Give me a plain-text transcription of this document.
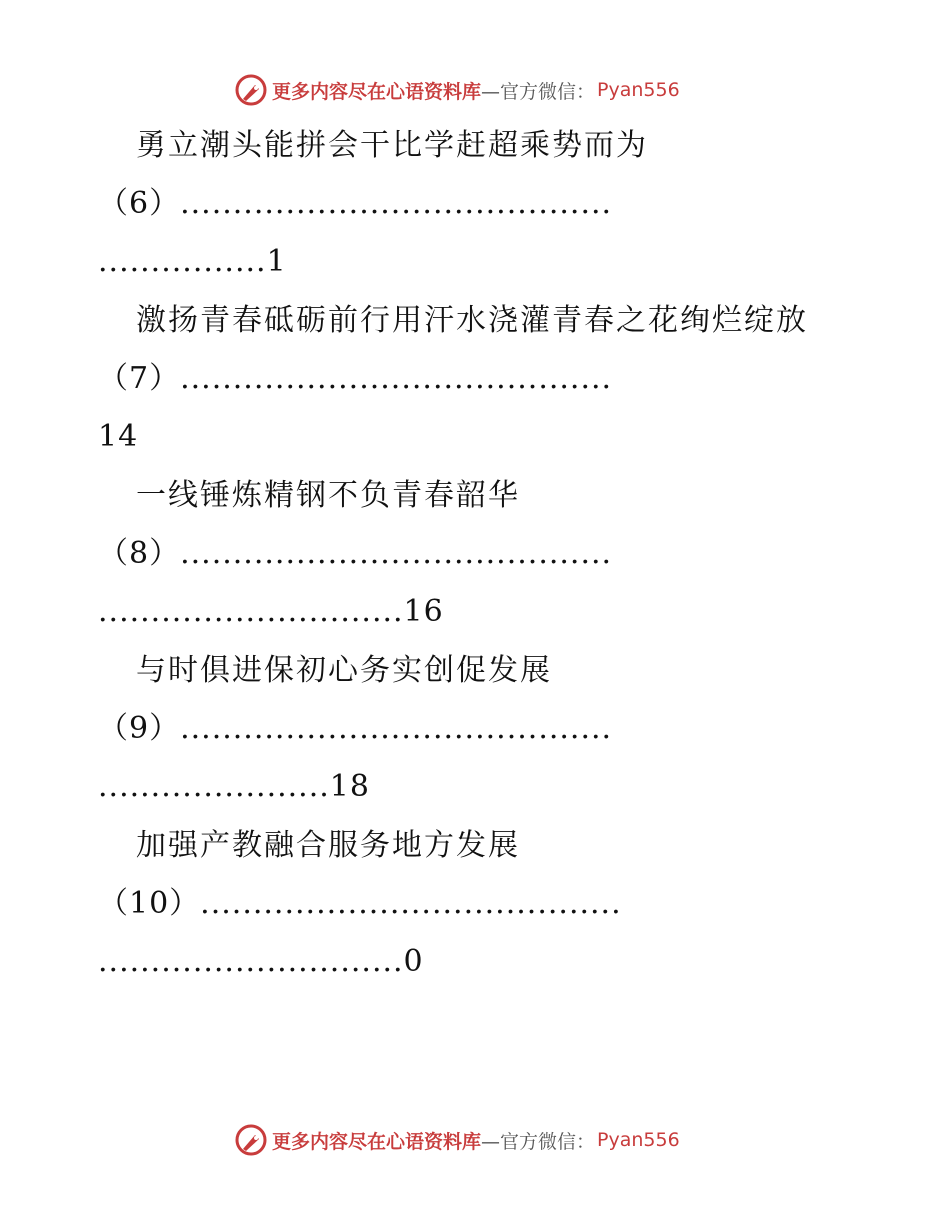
更多内容尽在心语资料库 —官方微信： Pyan556
勇立潮头能拼会干比学赶超乘势而为
（6）.........................................
................1
激扬青春砥砺前行用汗水浇灌青春之花绚烂绽放
（7）.........................................
14
一线锤炼精钢不负青春韶华
（8）.........................................
.............................16
与时俱进保初心务实创促发展
（9）.........................................
......................18
加强产教融合服务地方发展
（10）........................................
.............................0
更多内容尽在心语资料库 —官方微信： Pyan556
